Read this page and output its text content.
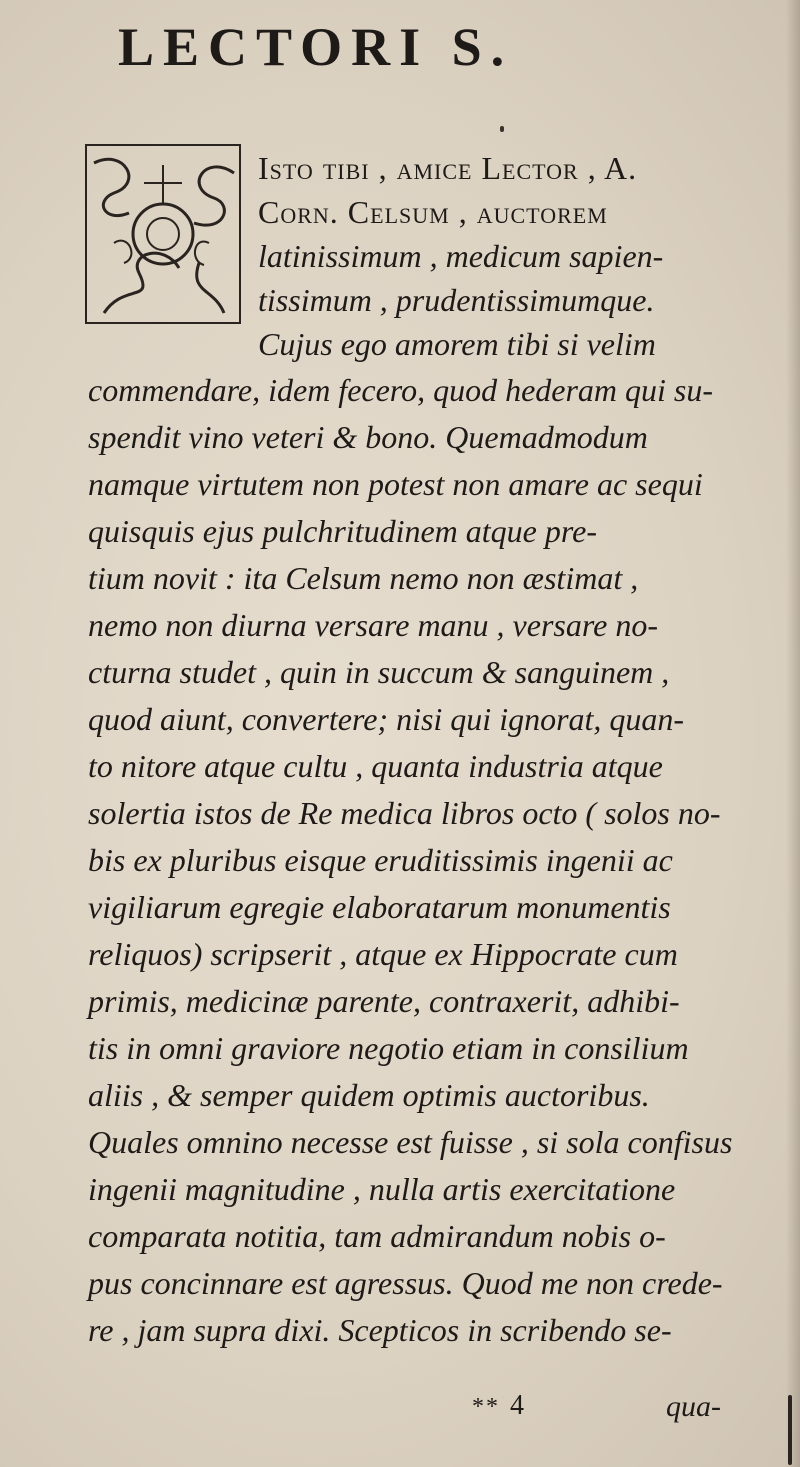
LECTORI S.
Isto tibi , amice Lector , A.
Corn. Celsum , auctorem
latinissimum , medicum sapien-
tissimum , prudentissimumque.
Cujus ego amorem tibi si velim
commendare, idem fecero, quod hederam qui su-
spendit vino veteri & bono. Quemadmodum
namque virtutem non potest non amare ac sequi
quisquis ejus pulchritudinem atque pre-
tium novit : ita Celsum nemo non æstimat ,
nemo non diurna versare manu , versare no-
cturna studet , quin in succum & sanguinem ,
quod aiunt, convertere; nisi qui ignorat, quan-
to nitore atque cultu , quanta industria atque
solertia istos de Re medica libros octo ( solos no-
bis ex pluribus eisque eruditissimis ingenii ac
vigiliarum egregie elaboratarum monumentis
reliquos) scripserit , atque ex Hippocrate cum
primis, medicinæ parente, contraxerit, adhibi-
tis in omni graviore negotio etiam in consilium
aliis , & semper quidem optimis auctoribus.
Quales omnino necesse est fuisse , si sola confisus
ingenii magnitudine , nulla artis exercitatione
comparata notitia, tam admirandum nobis o-
pus concinnare est agressus. Quod me non crede-
re , jam supra dixi. Scepticos in scribendo se-
** 4	qua-
